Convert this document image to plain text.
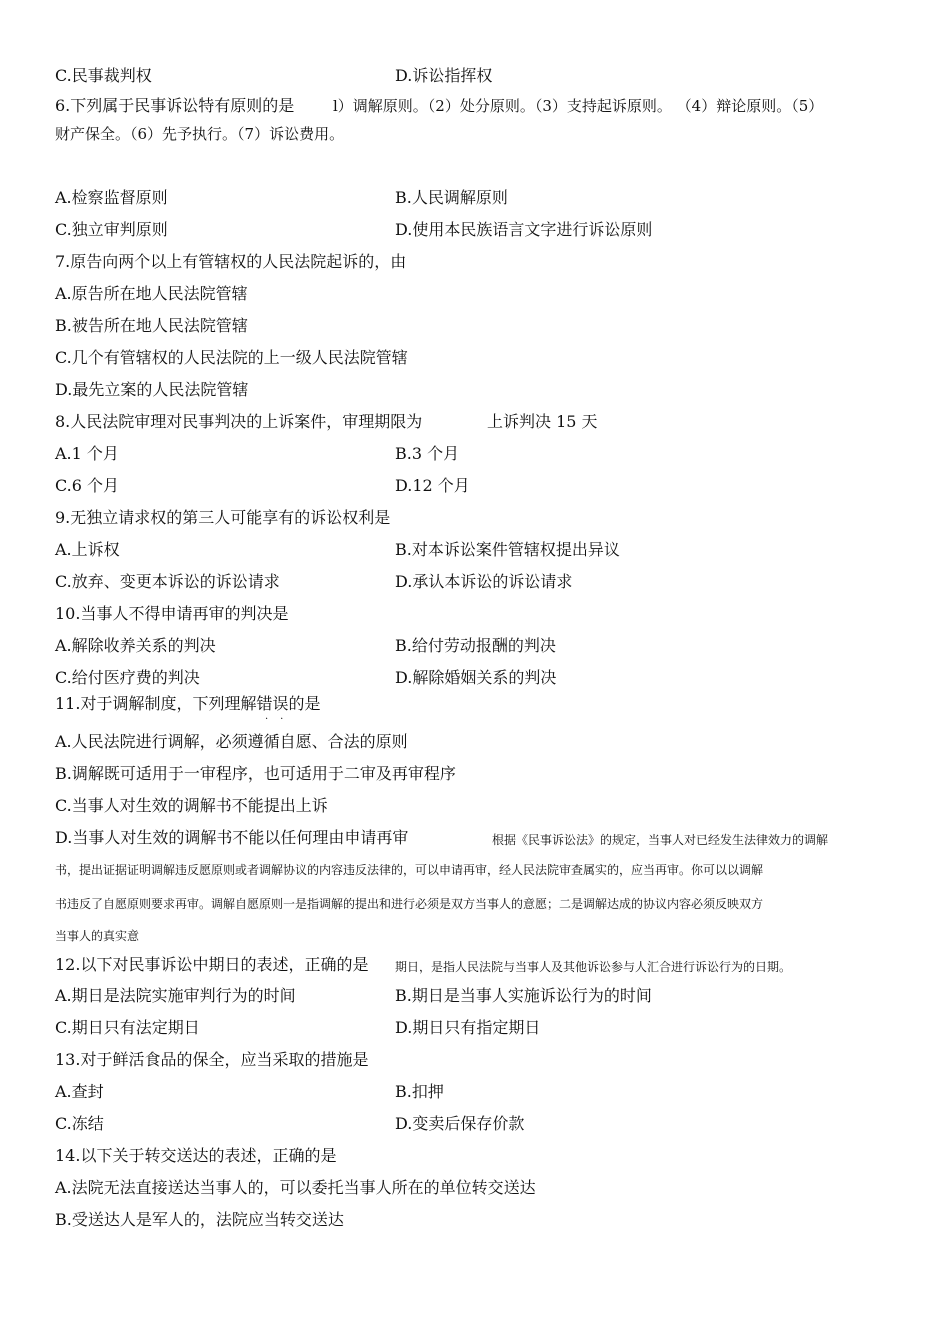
C.民事裁判权	D.诉讼指挥权
6.下列属于民事诉讼特有原则的是	l）调解原则。（2）处分原则。（3）支持起诉原则。 （4）辩论原则。（5）
财产保全。（6）先予执行。（7）诉讼费用。
A.检察监督原则	B.人民调解原则
C.独立审判原则	D.使用本民族语言文字进行诉讼原则
7.原告向两个以上有管辖权的人民法院起诉的，由
A.原告所在地人民法院管辖
B.被告所在地人民法院管辖
C.几个有管辖权的人民法院的上一级人民法院管辖
D.最先立案的人民法院管辖
8.人民法院审理对民事判决的上诉案件，审理期限为	上诉判决 15 天
A.1 个月	B.3 个月
C.6 个月	D.12 个月
9.无独立请求权的第三人可能享有的诉讼权利是
A.上诉权	B.对本诉讼案件管辖权提出异议
C.放弃、变更本诉讼的诉讼请求	D.承认本诉讼的诉讼请求
10.当事人不得申请再审的判决是
A.解除收养关系的判决	B.给付劳动报酬的判决
C.给付医疗费的判决	D.解除婚姻关系的判决
11.对于调解制度，下列理解错误的是
..
A.人民法院进行调解，必须遵循自愿、合法的原则
B.调解既可适用于一审程序，也可适用于二审及再审程序
C.当事人对生效的调解书不能提出上诉
D.当事人对生效的调解书不能以任何理由申请再审	根据《民事诉讼法》的规定，当事人对已经发生法律效力的调解
书，提出证据证明调解违反愿原则或者调解协议的内容违反法律的，可以申请再审，经人民法院审查属实的，应当再审。你可以以调解
书违反了自愿原则要求再审。调解自愿原则一是指调解的提出和进行必须是双方当事人的意愿；二是调解达成的协议内容必须反映双方
当事人的真实意
12.以下对民事诉讼中期日的表述，正确的是 期日，是指人民法院与当事人及其他诉讼参与人汇合进行诉讼行为的日期。
A.期日是法院实施审判行为的时间	B.期日是当事人实施诉讼行为的时间
C.期日只有法定期日	D.期日只有指定期日
13.对于鲜活食品的保全，应当采取的措施是
A.查封	B.扣押
C.冻结	D.变卖后保存价款
14.以下关于转交送达的表述，正确的是
A.法院无法直接送达当事人的，可以委托当事人所在的单位转交送达
B.受送达人是军人的，法院应当转交送达
